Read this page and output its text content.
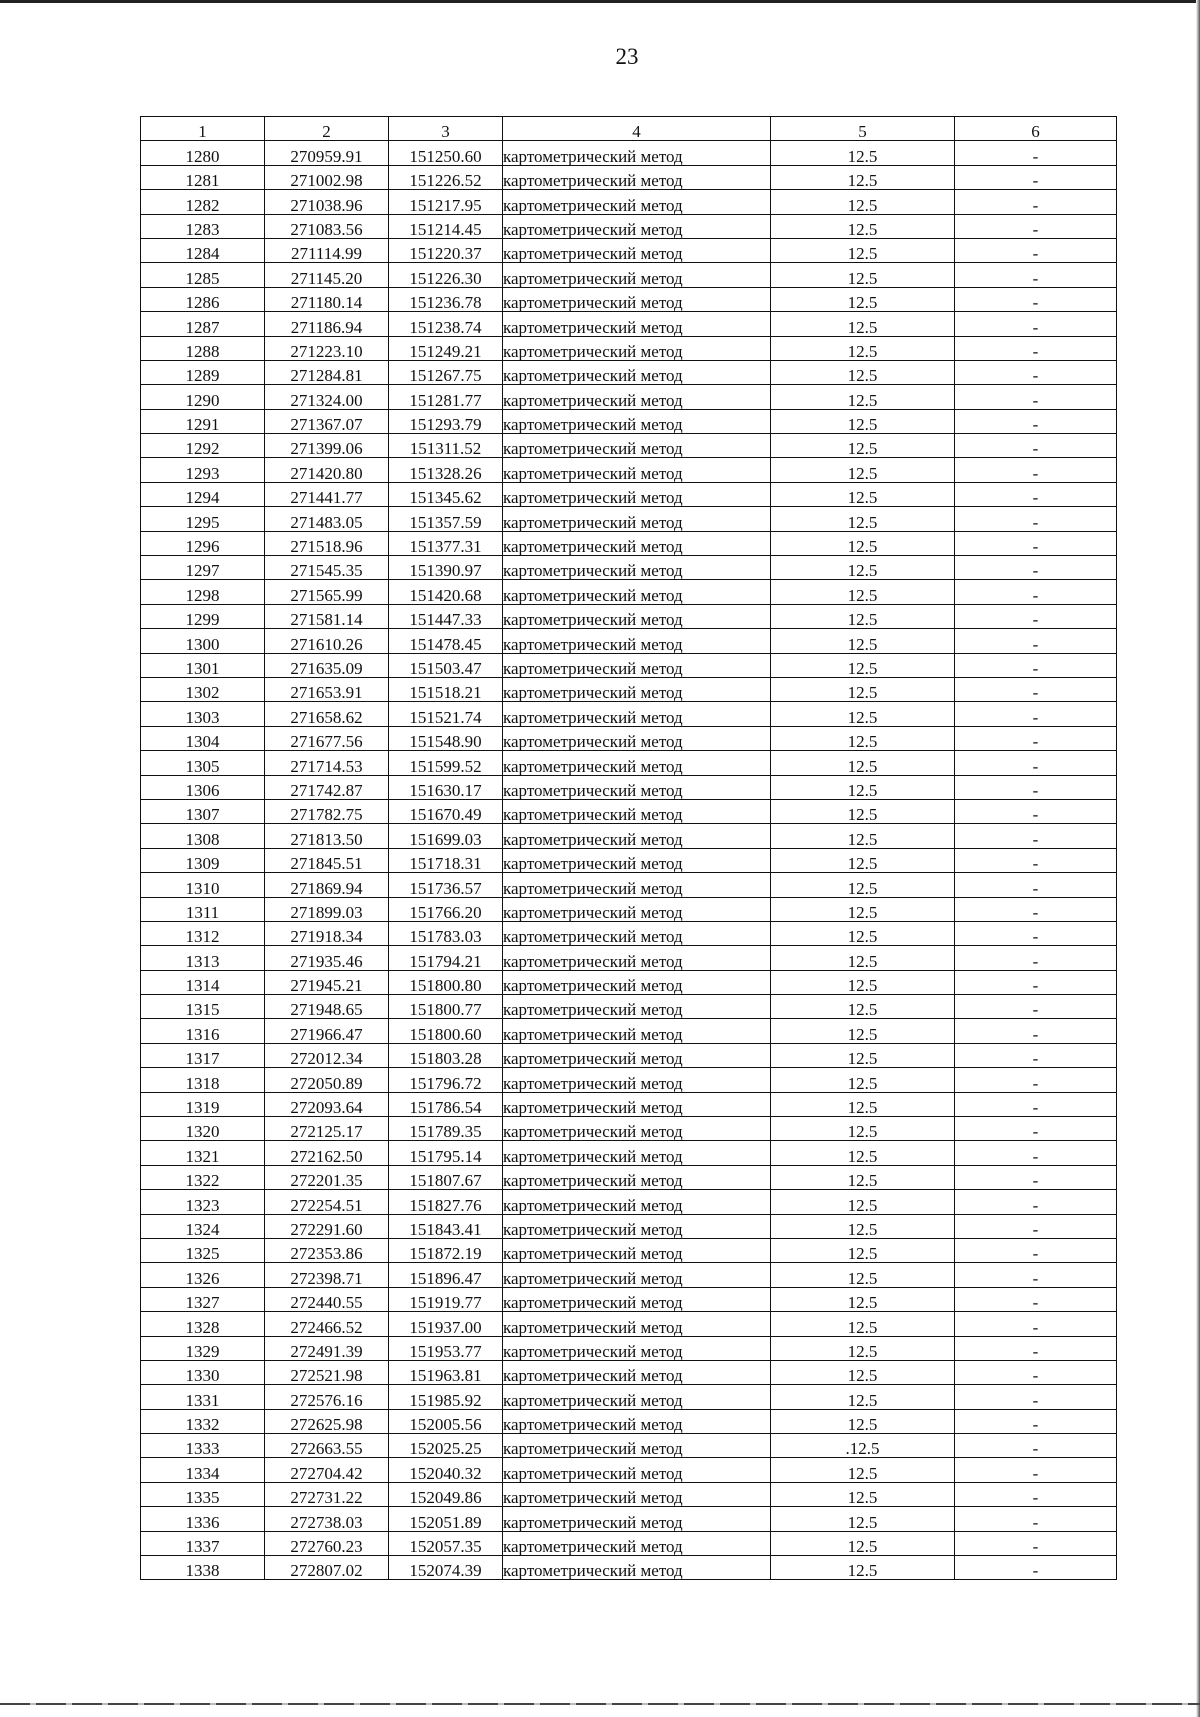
23
1	2	3	4	5	6
1280	270959.91	151250.60	картометрический метод	12.5	-
1281	271002.98	151226.52	картометрический метод	12.5	-
1282	271038.96	151217.95	картометрический метод	12.5	-
1283	271083.56	151214.45	картометрический метод	12.5	-
1284	271114.99	151220.37	картометрический метод	12.5	-
1285	271145.20	151226.30	картометрический метод	12.5	-
1286	271180.14	151236.78	картометрический метод	12.5	-
1287	271186.94	151238.74	картометрический метод	12.5	-
1288	271223.10	151249.21	картометрический метод	12.5	-
1289	271284.81	151267.75	картометрический метод	12.5	-
1290	271324.00	151281.77	картометрический метод	12.5	-
1291	271367.07	151293.79	картометрический метод	12.5	-
1292	271399.06	151311.52	картометрический метод	12.5	-
1293	271420.80	151328.26	картометрический метод	12.5	-
1294	271441.77	151345.62	картометрический метод	12.5	-
1295	271483.05	151357.59	картометрический метод	12.5	-
1296	271518.96	151377.31	картометрический метод	12.5	-
1297	271545.35	151390.97	картометрический метод	12.5	-
1298	271565.99	151420.68	картометрический метод	12.5	-
1299	271581.14	151447.33	картометрический метод	12.5	-
1300	271610.26	151478.45	картометрический метод	12.5	-
1301	271635.09	151503.47	картометрический метод	12.5	-
1302	271653.91	151518.21	картометрический метод	12.5	-
1303	271658.62	151521.74	картометрический метод	12.5	-
1304	271677.56	151548.90	картометрический метод	12.5	-
1305	271714.53	151599.52	картометрический метод	12.5	-
1306	271742.87	151630.17	картометрический метод	12.5	-
1307	271782.75	151670.49	картометрический метод	12.5	-
1308	271813.50	151699.03	картометрический метод	12.5	-
1309	271845.51	151718.31	картометрический метод	12.5	-
1310	271869.94	151736.57	картометрический метод	12.5	-
1311	271899.03	151766.20	картометрический метод	12.5	-
1312	271918.34	151783.03	картометрический метод	12.5	-
1313	271935.46	151794.21	картометрический метод	12.5	-
1314	271945.21	151800.80	картометрический метод	12.5	-
1315	271948.65	151800.77	картометрический метод	12.5	-
1316	271966.47	151800.60	картометрический метод	12.5	-
1317	272012.34	151803.28	картометрический метод	12.5	-
1318	272050.89	151796.72	картометрический метод	12.5	-
1319	272093.64	151786.54	картометрический метод	12.5	-
1320	272125.17	151789.35	картометрический метод	12.5	-
1321	272162.50	151795.14	картометрический метод	12.5	-
1322	272201.35	151807.67	картометрический метод	12.5	-
1323	272254.51	151827.76	картометрический метод	12.5	-
1324	272291.60	151843.41	картометрический метод	12.5	-
1325	272353.86	151872.19	картометрический метод	12.5	-
1326	272398.71	151896.47	картометрический метод	12.5	-
1327	272440.55	151919.77	картометрический метод	12.5	-
1328	272466.52	151937.00	картометрический метод	12.5	-
1329	272491.39	151953.77	картометрический метод	12.5	-
1330	272521.98	151963.81	картометрический метод	12.5	-
1331	272576.16	151985.92	картометрический метод	12.5	-
1332	272625.98	152005.56	картометрический метод	12.5	-
1333	272663.55	152025.25	картометрический метод	.12.5	-
1334	272704.42	152040.32	картометрический метод	12.5	-
1335	272731.22	152049.86	картометрический метод	12.5	-
1336	272738.03	152051.89	картометрический метод	12.5	-
1337	272760.23	152057.35	картометрический метод	12.5	-
1338	272807.02	152074.39	картометрический метод	12.5	-
